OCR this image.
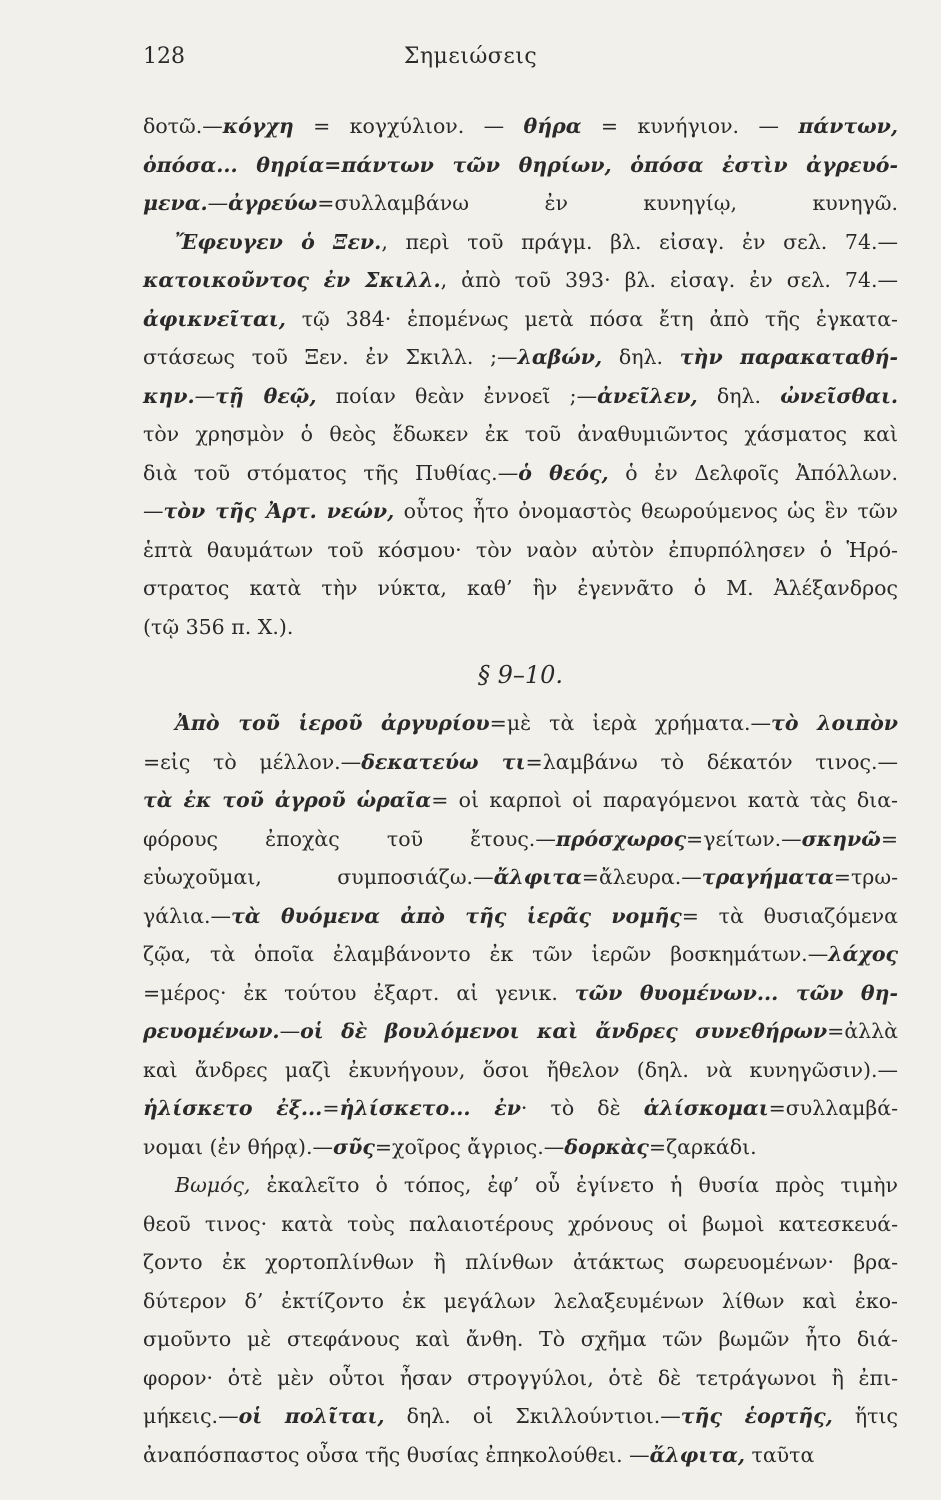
128	Σημειώσεις
δοτῶ.—κόγχη = κογχύλιον. — θήρα = κυνήγιον. — πάντων,
ὁπόσα... θηρία=πάντων τῶν θηρίων, ὁπόσα ἐστὶν ἀγρευό-
μενα.—ἀγρεύω=συλλαμβάνω ἐν κυνηγίῳ, κυνηγῶ.
Ἔφευγεν ὁ Ξεν., περὶ τοῦ πράγμ. βλ. εἰσαγ. ἐν σελ. 74.—
κατοικοῦντος ἐν Σκιλλ., ἀπὸ τοῦ 393· βλ. εἰσαγ. ἐν σελ. 74.—
ἀφικνεῖται, τῷ 384· ἑπομένως μετὰ πόσα ἔτη ἀπὸ τῆς ἐγκατα-
στάσεως τοῦ Ξεν. ἐν Σκιλλ. ;—λαβών, δηλ. τὴν παρακαταθή-
κην.—τῇ θεῷ, ποίαν θεὰν ἐννοεῖ ;—ἀνεῖλεν, δηλ. ὠνεῖσθαι.
τὸν χρησμὸν ὁ θεὸς ἔδωκεν ἐκ τοῦ ἀναθυμιῶντος χάσματος καὶ
διὰ τοῦ στόματος τῆς Πυθίας.—ὁ θεός, ὁ ἐν Δελφοῖς Ἀπόλλων.
—τὸν τῆς Ἀρτ. νεών, οὗτος ἦτο ὀνομαστὸς θεωρούμενος ὡς ἓν τῶν
ἑπτὰ θαυμάτων τοῦ κόσμου· τὸν ναὸν αὐτὸν ἐπυρπόλησεν ὁ Ἡρό-
στρατος κατὰ τὴν νύκτα, καθ’ ἣν ἐγεννᾶτο ὁ Μ. Ἀλέξανδρος
(τῷ 356 π. Χ.).
§ 9–10.
Ἀπὸ τοῦ ἱεροῦ ἀργυρίου=μὲ τὰ ἱερὰ χρήματα.—τὸ λοιπὸν
=εἰς τὸ μέλλον.—δεκατεύω τι=λαμβάνω τὸ δέκατόν τινος.—
τὰ ἐκ τοῦ ἀγροῦ ὡραῖα= οἱ καρποὶ οἱ παραγόμενοι κατὰ τὰς δια-
φόρους ἐποχὰς τοῦ ἔτους.—πρόσχωρος=γείτων.—σκηνῶ=
εὐωχοῦμαι, συμποσιάζω.—ἄλφιτα=ἄλευρα.—τραγήματα=τρω-
γάλια.—τὰ θυόμενα ἀπὸ τῆς ἱερᾶς νομῆς= τὰ θυσιαζόμενα
ζῷα, τὰ ὁποῖα ἐλαμβάνοντο ἐκ τῶν ἱερῶν βοσκημάτων.—λάχος
=μέρος· ἐκ τούτου ἐξαρτ. αἱ γενικ. τῶν θυομένων... τῶν θη-
ρευομένων.—οἱ δὲ βουλόμενοι καὶ ἄνδρες συνεθήρων=ἀλλὰ
καὶ ἄνδρες μαζὶ ἐκυνήγουν, ὅσοι ἤθελον (δηλ. νὰ κυνηγῶσιν).—
ἡλίσκετο ἐξ...=ἡλίσκετο... ἐν· τὸ δὲ ἁλίσκομαι=συλλαμβά-
νομαι (ἐν θήρᾳ).—σῦς=χοῖρος ἄγριος.—δορκὰς=ζαρκάδι.
Βωμός, ἐκαλεῖτο ὁ τόπος, ἐφ’ οὗ ἐγίνετο ἡ θυσία πρὸς τιμὴν
θεοῦ τινος· κατὰ τοὺς παλαιοτέρους χρόνους οἱ βωμοὶ κατεσκευά-
ζοντο ἐκ χορτοπλίνθων ἢ πλίνθων ἀτάκτως σωρευομένων· βρα-
δύτερον δ’ ἐκτίζοντο ἐκ μεγάλων λελαξευμένων λίθων καὶ ἐκο-
σμοῦντο μὲ στεφάνους καὶ ἄνθη. Τὸ σχῆμα τῶν βωμῶν ἦτο διά-
φορον· ὁτὲ μὲν οὗτοι ἦσαν στρογγύλοι, ὁτὲ δὲ τετράγωνοι ἢ ἐπι-
μήκεις.—οἱ πολῖται, δηλ. οἱ Σκιλλούντιοι.—τῆς ἑορτῆς, ἥτις
ἀναπόσπαστος οὖσα τῆς θυσίας ἐπηκολούθει. —ἄλφιτα, ταῦτα
